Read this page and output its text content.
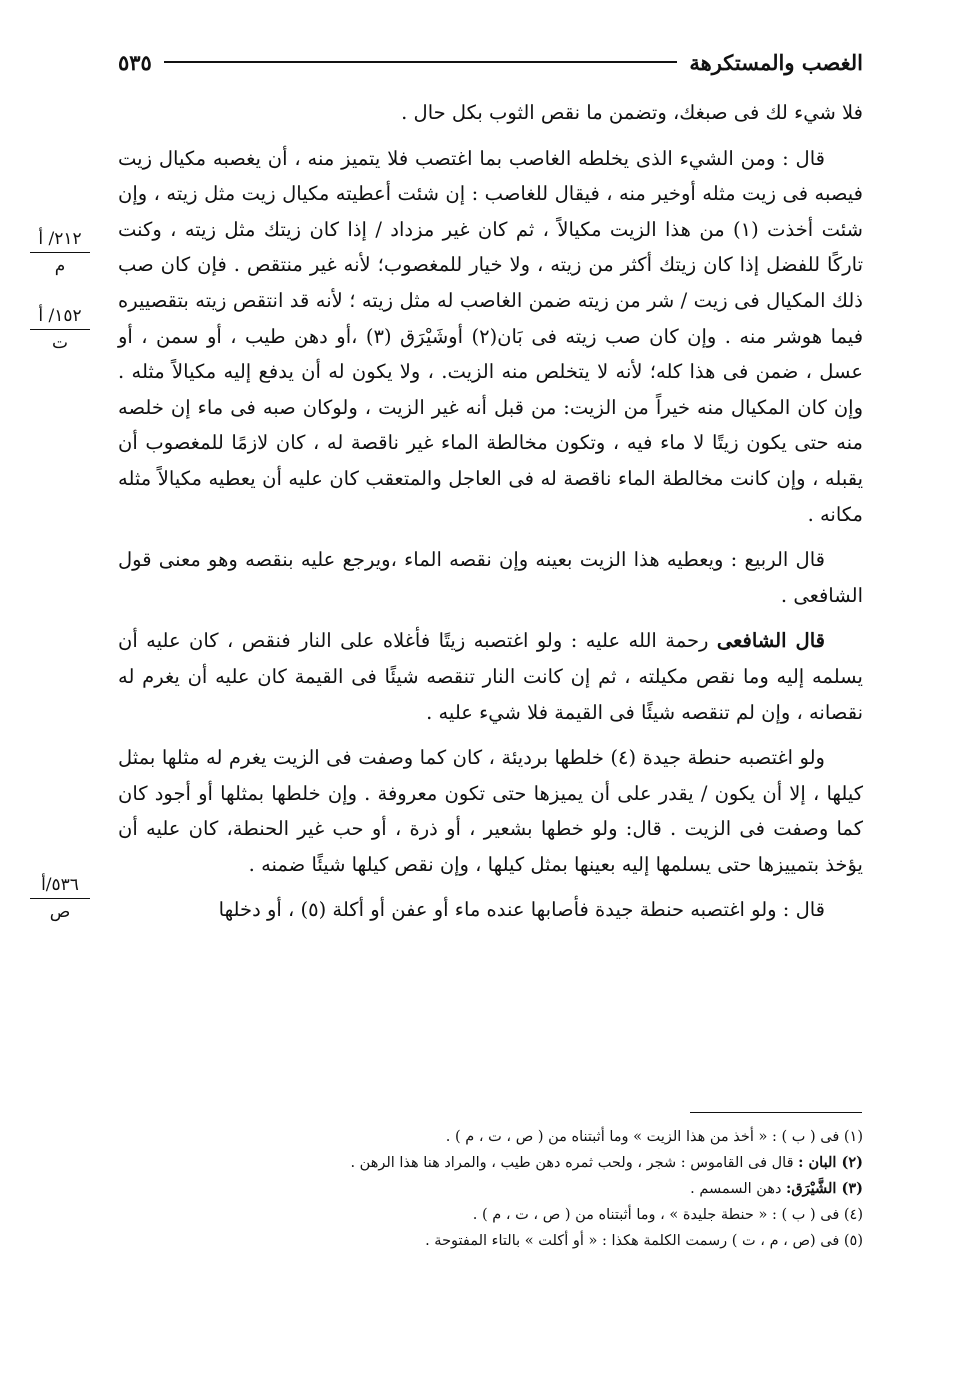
الغصب والمستكرهة
٥٣٥
٢١٢/ أ
م
١٥٢/ أ
ت
٥٣٦/أ
ص

فلا شيء لك فى صبغك، وتضمن ما نقص الثوب بكل حال .

قال : ومن الشيء الذى يخلطه الغاصب بما اغتصب فلا يتميز منه ، أن يغصبه مكيال زيت فيصبه فى زيت مثله أوخير منه ، فيقال للغاصب : إن شئت أعطيته مكيال زيت مثل زيته ، وإن شئت أخذت (١) من هذا الزيت مكيالاً ، ثم كان غير مزداد / إذا كان زيتك مثل زيته ، وكنت تاركًا للفضل إذا كان زيتك أكثر من زيته ، ولا خيار للمغصوب؛ لأنه غير منتقص . فإن كان صب ذلك المكيال فى زيت / شر من زيته ضمن الغاصب له مثل زيته ؛ لأنه قد انتقص زيته بتقصييره فيما هوشر منه . وإن كان صب زيته فى بَان(٢) أوشَيْرَق (٣) ،أو دهن طيب ، أو سمن ، أو عسل ، ضمن فى هذا كله؛ لأنه لا يتخلص منه الزيت. ، ولا يكون له أن يدفع إليه مكيالاً مثله . وإن كان المكيال منه خيراً من الزيت: من قبل أنه غير الزيت ، ولوكان صبه فى ماء إن خلصه منه حتى يكون زيتًا لا ماء فيه ، وتكون مخالطة الماء غير ناقصة له ، كان لازمًا للمغصوب أن يقبله ، وإن كانت مخالطة الماء ناقصة له فى العاجل والمتعقب كان عليه أن يعطيه مكيالاً مثله مكانه .

قال الربيع : ويعطيه هذا الزيت بعينه وإن نقصه الماء ،ويرجع عليه بنقصه وهو معنى قول الشافعى .

قال الشافعى رحمة الله عليه : ولو اغتصبه زيتًا فأغلاه على النار فنقص ، كان عليه أن يسلمه إليه وما نقص مكيلته ، ثم إن كانت النار تنقصه شيئًا فى القيمة كان عليه أن يغرم له نقصانه ، وإن لم تنقصه شيئًا فى القيمة فلا شيء عليه .

ولو اغتصبه حنطة جيدة (٤) خلطها برديئة ، كان كما وصفت فى الزيت يغرم له مثلها بمثل كيلها ، إلا أن يكون / يقدر على أن يميزها حتى تكون معروفة . وإن خلطها بمثلها أو أجود كان كما وصفت فى الزيت . قال: ولو خطها بشعير ، أو ذرة ، أو حب غير الحنطة، كان عليه أن يؤخذ بتمييزها حتى يسلمها إليه بعينها بمثل كيلها ، وإن نقص كيلها شيئًا ضمنه .

قال : ولو اغتصبه حنطة جيدة فأصابها عنده ماء أو عفن أو أكلة (٥) ، أو دخلها

(١) فى ( ب ) : « أخذ من هذا الزيت » وما أثبتناه من ( ص ، ت ، م ) .
(٢) البان : قال فى القاموس : شجر ، ولحب ثمره دهن طيب ، والمراد هنا هذا الرهن .
(٣) الشَّيْرَق: دهن السمسم .
(٤) فى ( ب ) : « حنطة جليدة » ، وما أثبتناه من ( ص ، ت ، م ) .
(٥) فى (ص ، م ، ت ) رسمت الكلمة هكذا : « أو أكلت » بالتاء المفتوحة .
